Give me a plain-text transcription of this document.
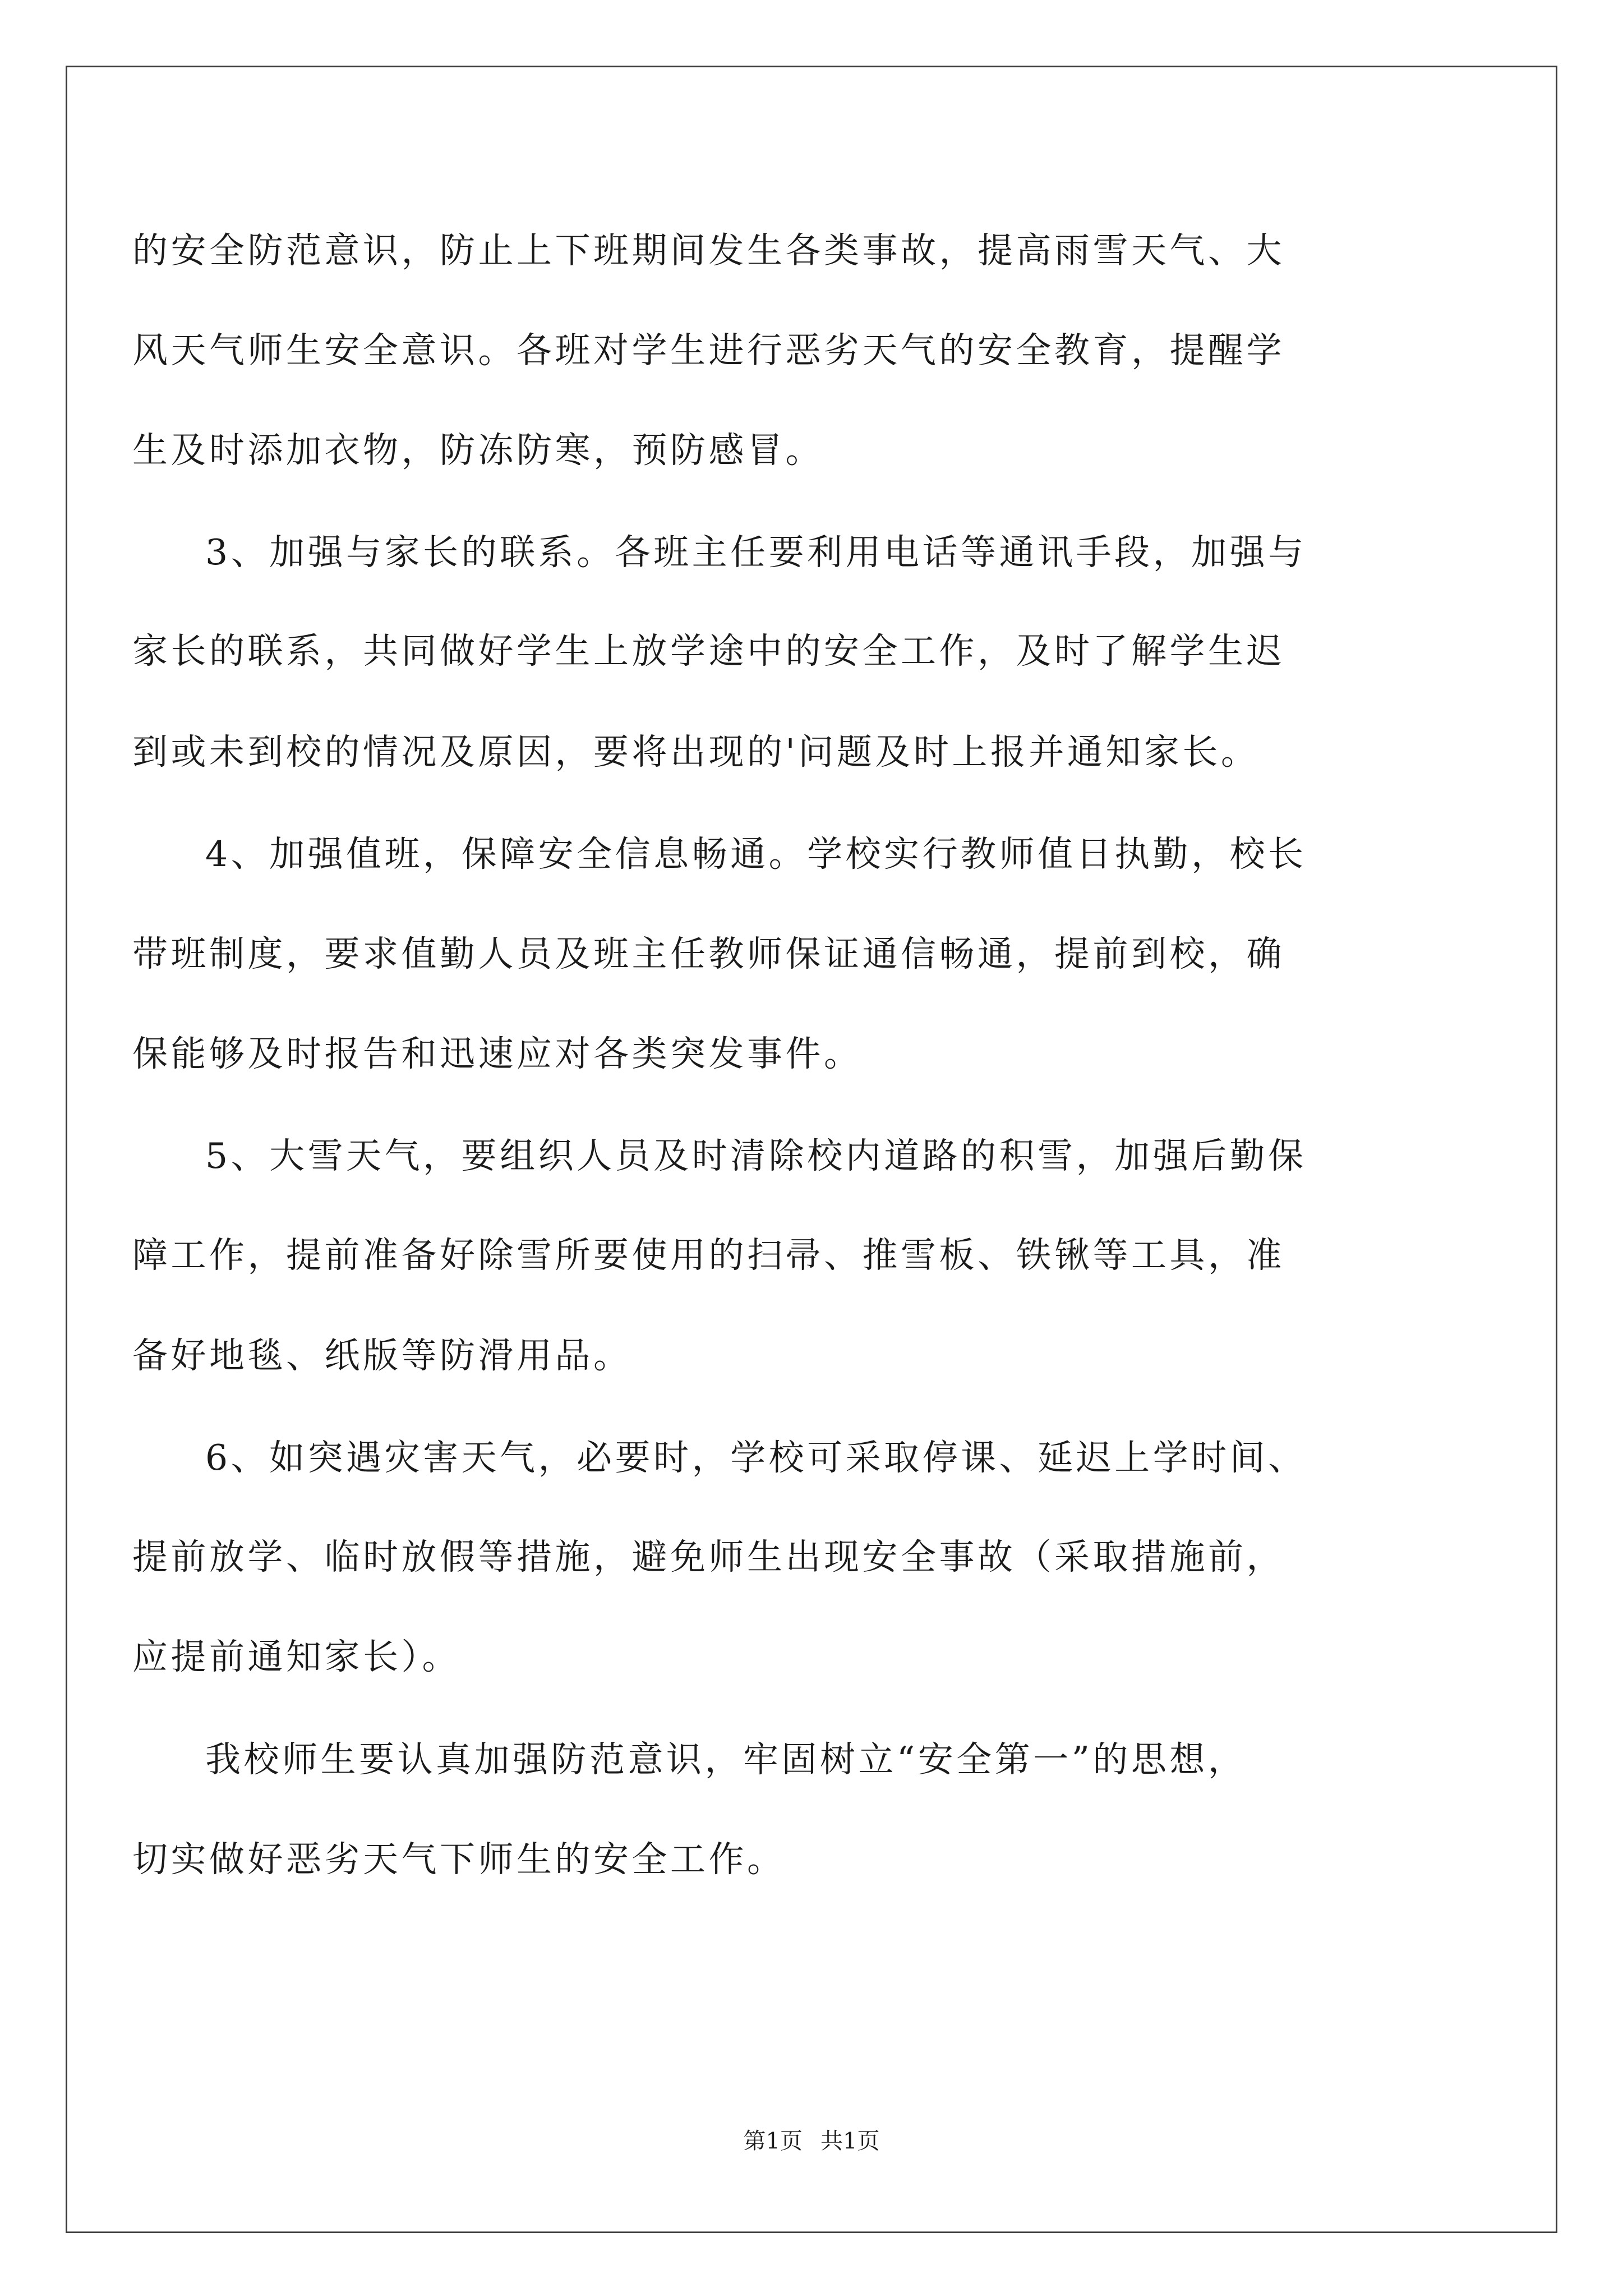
的安全防范意识，防止上下班期间发生各类事故，提高雨雪天气、大
风天气师生安全意识。各班对学生进行恶劣天气的安全教育，提醒学
生及时添加衣物，防冻防寒，预防感冒。
3、加强与家长的联系。各班主任要利用电话等通讯手段，加强与
家长的联系，共同做好学生上放学途中的安全工作，及时了解学生迟
到或未到校的情况及原因，要将出现的'问题及时上报并通知家长。
4、加强值班，保障安全信息畅通。学校实行教师值日执勤，校长
带班制度，要求值勤人员及班主任教师保证通信畅通，提前到校，确
保能够及时报告和迅速应对各类突发事件。
5、大雪天气，要组织人员及时清除校内道路的积雪，加强后勤保
障工作，提前准备好除雪所要使用的扫帚、推雪板、铁锹等工具，准
备好地毯、纸版等防滑用品。
6、如突遇灾害天气，必要时，学校可采取停课、延迟上学时间、
提前放学、临时放假等措施，避免师生出现安全事故（采取措施前，
应提前通知家长）。
我校师生要认真加强防范意识，牢固树立“安全第一”的思想，
切实做好恶劣天气下师生的安全工作。
第1页 共1页
